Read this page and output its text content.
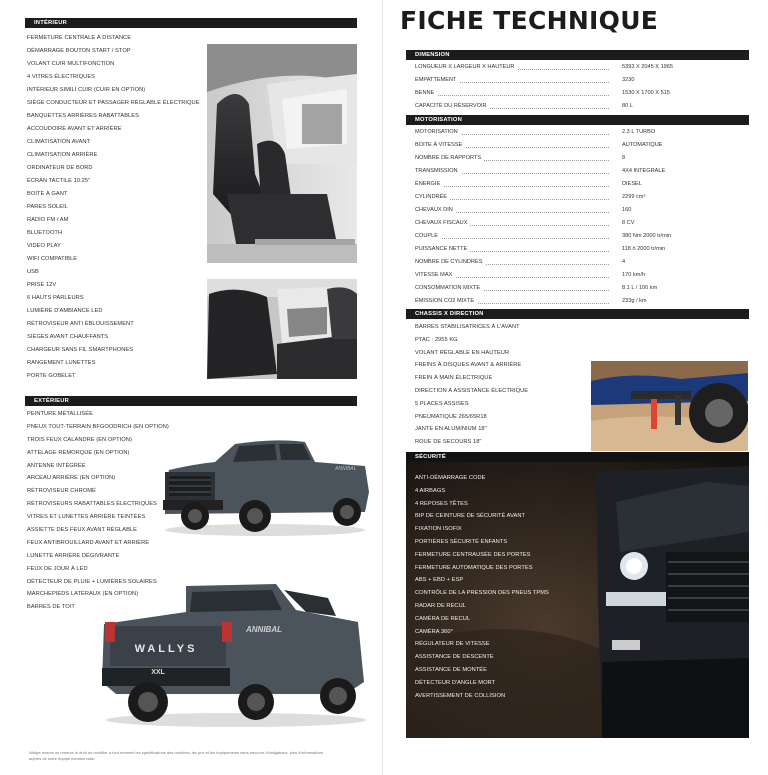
INTÉRIEUR
FERMETURE CENTRALE À DISTANCE
DÉMARRAGE BOUTON START / STOP
VOLANT CUIR MULTIFONCTION
4 VITRES ÉLECTRIQUES
INTÉRIEUR SIMILI CUIR (CUIR EN OPTION)
SIÈGE CONDUCTEUR ET PASSAGER RÉGLABLE ÉLECTRIQUE
BANQUETTES ARRIÈRES RABATTABLES
ACCOUDOIRE AVANT ET ARRIÈRE
CLIMATISATION AVANT
CLIMATISATION ARRIÈRE
ORDINATEUR DE BORD
ÉCRAN TACTILE 10.25"
BOITE À GANT
PARES SOLEIL
RADIO FM / AM
BLUETOOTH
VIDEO PLAY
WIFI COMPATIBLE
USB
PRISE 12V
6 HAUTS PARLEURS
LUMIÈRE D'AMBIANCE LED
RÉTROVISEUR ANTI ÉBLOUISSEMENT
SIÈGES AVANT CHAUFFANTS
CHARGEUR SANS FIL SMARTPHONES
RANGEMENT LUNETTES
PORTE GOBELET
EXTÉRIEUR
PEINTURE MÉTALLISÉE
PNEUX TOUT-TERRAIN BFGOODRICH (EN OPTION)
TROIS FEUX CALANDRE (EN OPTION)
ATTELAGE REMORQUE (EN OPTION)
ANTENNE INTÉGRÉE
ARCEAU ARRIÈRE (EN OPTION)
RÉTROVISEUR CHROMÉ
RÉTROVISEURS RABATTABLES ÉLECTRIQUES
VITRES ET LUNETTES ARRIÈRE TEINTÉES
ASSIETTE DES FEUX AVANT RÉGLABLE
FEUX ANTIBROUILLARD AVANT ET ARRIÈRE
LUNETTE ARRIÈRE DÉGIVRANTE
FEUX DE JOUR À LED
DÉTECTEUR DE PLUIE + LUMIÈRES SOLAIRES
MARCHEPIEDS LATÉRAUX (EN OPTION)
BARRES DE TOIT
ANNIBAL
WALLYS
XXL
ANNIBAL
Wallys motors se réserve le droit de modifier à tout moment les spécifications des modèles, les prix et les équipements sans encourir d'obligations. plus d'informations auprès de notre équipe commerciale.
FICHE TECHNIQUE
DIMENSION
LONGUEUR X LARGEUR X HAUTEUR	5393 X 2045 X 1965
EMPATTEMENT	3230
BENNE	1530 X 1700 X 515
CAPACITÉ DU RÉSERVOIR	80 L
MOTORISATION
MOTORISATION	2.3 L TURBO
BOITE À VITESSE	AUTOMATIQUE
NOMBRE DE RAPPORTS	8
TRANSMISSION	4X4 INTEGRALE
ÉNERGIE	DIESEL
CYLINDRÉE	2299 cm³
CHEVAUX DIN	160
CHEVAUX FISCAUX	8 CV
COUPLE	380 Nm 2000 tr/min
PUISSANCE NETTE	118 ó 2000 tr/min
NOMBRE DE CYLINDRES	4
VITESSE MAX	170 km/h
CONSOMMATION MIXTE	8.1 L / 100 km
ÉMISSION CO2 MIXTE	233g / km
CHASSIS X DIRECTION
BARRES STABILISATRICES À L'AVANT
PTAC : 2955 KG
VOLANT RÉGLABLE EN HAUTEUR
FREINS À DISQUES AVANT & ARRIÈRE
FREIN À MAIN ÉLECTRIQUE
DIRECTION À ASSISTANCE ÉLECTRIQUE
5 PLACES ASSISES
PNEUMATIQUE 265/65R18
JANTE EN ALUMINIUM 18"
ROUE DE SECOURS 18"
SÉCURITÉ
ANTI-DÉMARRAGE CODE
4 AIRBAGS
4 REPOSES TÊTES
BIP DE CEINTURE DE SÉCURITÉ AVANT
FIXATION ISOFIX
PORTIÈRES SÉCURITÉ ENFANTS
FERMETURE CENTRAUSÉE DES PORTES
FERMETURE AUTOMATIQUE DES PORTES
ABS + EBD + ESP
CONTRÔLE DE LA PRESSION DES PNEUS TPMS
RADAR DE RECUL
CAMÉRA DE RECUL
CAMÉRA 360°
RÉGULATEUR DE VITESSE
ASSISTANCE DE DESCENTE
ASSISTANCE DE MONTÉE
DÉTECTEUR D'ANGLE MORT
AVERTISSEMENT DE COLLISION
